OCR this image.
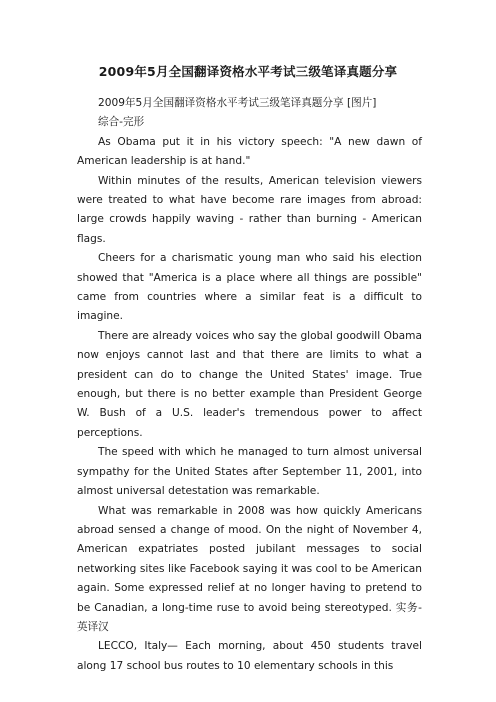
2009年5月全国翻译资格水平考试三级笔译真题分享

2009年5月全国翻译资格水平考试三级笔译真题分享 [图片]

综合-完形

As Obama put it in his victory speech: "A new dawn of American leadership is at hand."

Within minutes of the results, American television viewers were treated to what have become rare images from abroad: large crowds happily waving - rather than burning - American flags.

Cheers for a charismatic young man who said his election showed that "America is a place where all things are possible" came from countries where a similar feat is a difficult to imagine.

There are already voices who say the global goodwill Obama now enjoys cannot last and that there are limits to what a president can do to change the United States' image. True enough, but there is no better example than President George W. Bush of a U.S. leader's tremendous power to affect perceptions.

The speed with which he managed to turn almost universal sympathy for the United States after September 11, 2001, into almost universal detestation was remarkable.

What was remarkable in 2008 was how quickly Americans abroad sensed a change of mood. On the night of November 4, American expatriates posted jubilant messages to social networking sites like Facebook saying it was cool to be American again. Some expressed relief at no longer having to pretend to be Canadian, a long-time ruse to avoid being stereotyped. 实务-英译汉

LECCO, Italy— Each morning, about 450 students travel along 17 school bus routes to 10 elementary schools in this
